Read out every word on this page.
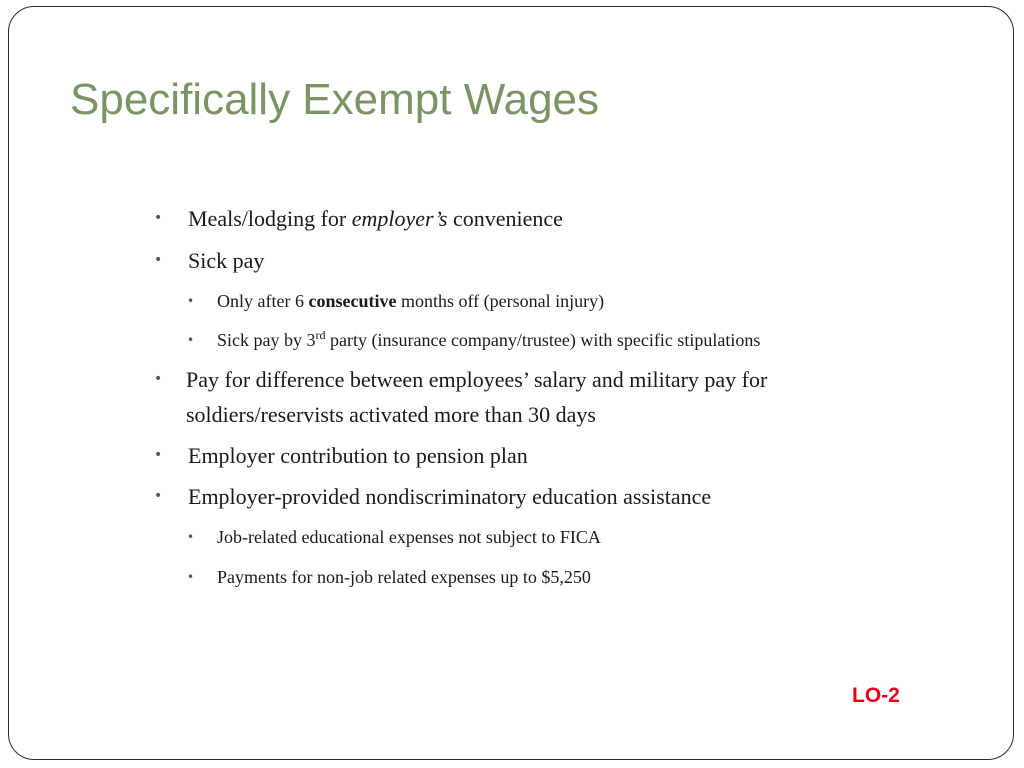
Specifically Exempt Wages
• Meals/lodging for employer’s convenience
• Sick pay
• Only after 6 consecutive months off (personal injury)
• Sick pay by 3rd party (insurance company/trustee) with specific stipulations
• Pay for difference between employees’ salary and military pay for
soldiers/reservists activated more than 30 days
• Employer contribution to pension plan
• Employer-provided nondiscriminatory education assistance
• Job-related educational expenses not subject to FICA
• Payments for non-job related expenses up to $5,250
LO-2
